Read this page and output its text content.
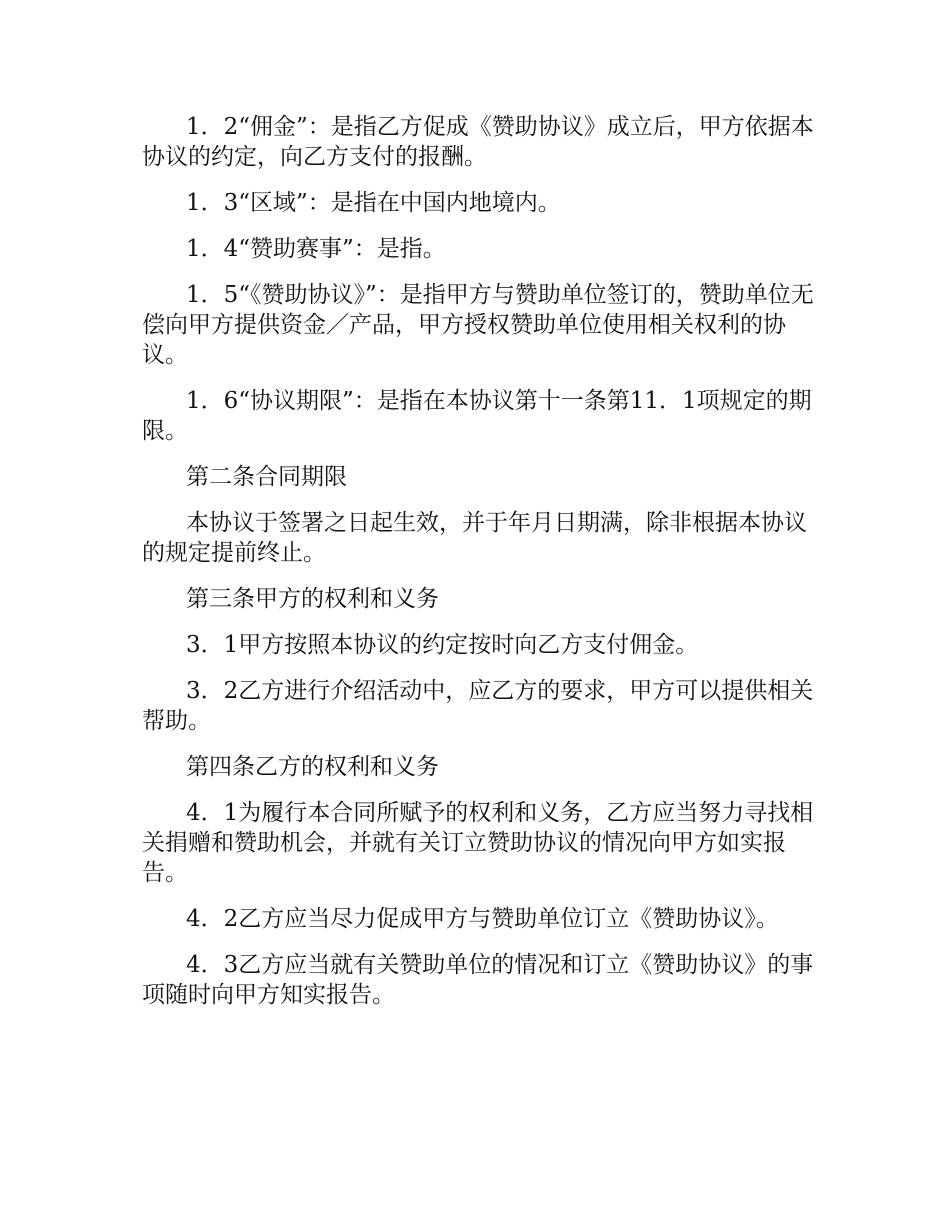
1．2“佣金”：是指乙方促成《赞助协议》成立后，甲方依据本协议的约定，向乙方支付的报酬。

1．3“区域”：是指在中国内地境内。

1．4“赞助赛事”：是指。

1．5“《赞助协议》”：是指甲方与赞助单位签订的，赞助单位无偿向甲方提供资金／产品，甲方授权赞助单位使用相关权利的协议。

1．6“协议期限”：是指在本协议第十一条第11．1项规定的期限。

第二条合同期限

本协议于签署之日起生效，并于年月日期满，除非根据本协议的规定提前终止。

第三条甲方的权利和义务

3．1甲方按照本协议的约定按时向乙方支付佣金。

3．2乙方进行介绍活动中，应乙方的要求，甲方可以提供相关帮助。

第四条乙方的权利和义务

4．1为履行本合同所赋予的权利和义务，乙方应当努力寻找相关捐赠和赞助机会，并就有关订立赞助协议的情况向甲方如实报告。

4．2乙方应当尽力促成甲方与赞助单位订立《赞助协议》。

4．3乙方应当就有关赞助单位的情况和订立《赞助协议》的事项随时向甲方知实报告。
